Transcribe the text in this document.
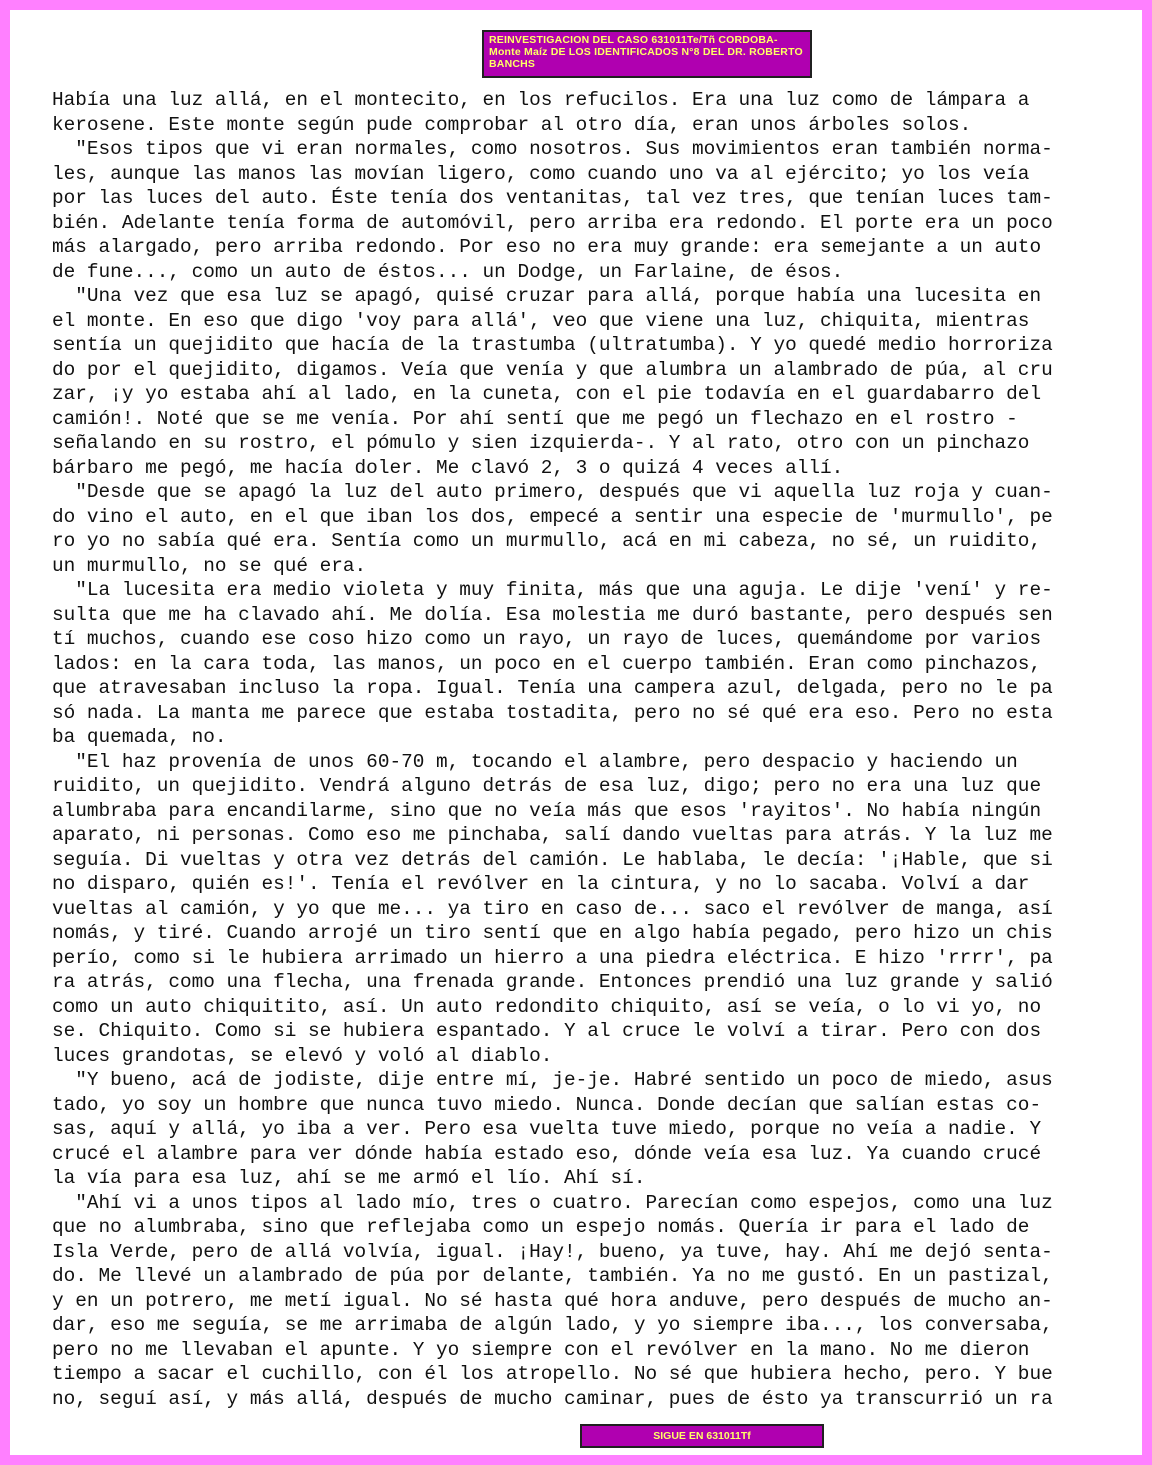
REINVESTIGACION DEL CASO 631011Te/Tñ CORDOBA-
Monte Maíz DE LOS IDENTIFICADOS N°8 DEL DR. ROBERTO
BANCHS
Había una luz allá, en el montecito, en los refucilos. Era una luz como de lámpara a
kerosene. Este monte según pude comprobar al otro día, eran unos árboles solos.
"Esos tipos que vi eran normales, como nosotros. Sus movimientos eran también norma-
les, aunque las manos las movían ligero, como cuando uno va al ejército; yo los veía
por las luces del auto. Éste tenía dos ventanitas, tal vez tres, que tenían luces tam-
bién. Adelante tenía forma de automóvil, pero arriba era redondo. El porte era un poco
más alargado, pero arriba redondo. Por eso no era muy grande: era semejante a un auto
de fune..., como un auto de éstos... un Dodge, un Farlaine, de ésos.
"Una vez que esa luz se apagó, quisé cruzar para allá, porque había una lucesita en
el monte. En eso que digo 'voy para allá', veo que viene una luz, chiquita, mientras
sentía un quejidito que hacía de la trastumba (ultratumba). Y yo quedé medio horroriza
do por el quejidito, digamos. Veía que venía y que alumbra un alambrado de púa, al cru
zar, ¡y yo estaba ahí al lado, en la cuneta, con el pie todavía en el guardabarro del
camión!. Noté que se me venía. Por ahí sentí que me pegó un flechazo en el rostro -
señalando en su rostro, el pómulo y sien izquierda-. Y al rato, otro con un pinchazo
bárbaro me pegó, me hacía doler. Me clavó 2, 3 o quizá 4 veces allí.
"Desde que se apagó la luz del auto primero, después que vi aquella luz roja y cuan-
do vino el auto, en el que iban los dos, empecé a sentir una especie de 'murmullo', pe
ro yo no sabía qué era. Sentía como un murmullo, acá en mi cabeza, no sé, un ruidito,
un murmullo, no se qué era.
"La lucesita era medio violeta y muy finita, más que una aguja. Le dije 'vení' y re-
sulta que me ha clavado ahí. Me dolía. Esa molestia me duró bastante, pero después sen
tí muchos, cuando ese coso hizo como un rayo, un rayo de luces, quemándome por varios
lados: en la cara toda, las manos, un poco en el cuerpo también. Eran como pinchazos,
que atravesaban incluso la ropa. Igual. Tenía una campera azul, delgada, pero no le pa
só nada. La manta me parece que estaba tostadita, pero no sé qué era eso. Pero no esta
ba quemada, no.
"El haz provenía de unos 60-70 m, tocando el alambre, pero despacio y haciendo un
ruidito, un quejidito. Vendrá alguno detrás de esa luz, digo; pero no era una luz que
alumbraba para encandilarme, sino que no veía más que esos 'rayitos'. No había ningún
aparato, ni personas. Como eso me pinchaba, salí dando vueltas para atrás. Y la luz me
seguía. Di vueltas y otra vez detrás del camión. Le hablaba, le decía: '¡Hable, que si
no disparo, quién es!'. Tenía el revólver en la cintura, y no lo sacaba. Volví a dar
vueltas al camión, y yo que me... ya tiro en caso de... saco el revólver de manga, así
nomás, y tiré. Cuando arrojé un tiro sentí que en algo había pegado, pero hizo un chis
perío, como si le hubiera arrimado un hierro a una piedra eléctrica. E hizo 'rrrr', pa
ra atrás, como una flecha, una frenada grande. Entonces prendió una luz grande y salió
como un auto chiquitito, así. Un auto redondito chiquito, así se veía, o lo vi yo, no
se. Chiquito. Como si se hubiera espantado. Y al cruce le volví a tirar. Pero con dos
luces grandotas, se elevó y voló al diablo.
"Y bueno, acá de jodiste, dije entre mí, je-je. Habré sentido un poco de miedo, asus
tado, yo soy un hombre que nunca tuvo miedo. Nunca. Donde decían que salían estas co-
sas, aquí y allá, yo iba a ver. Pero esa vuelta tuve miedo, porque no veía a nadie. Y
crucé el alambre para ver dónde había estado eso, dónde veía esa luz. Ya cuando crucé
la vía para esa luz, ahí se me armó el lío. Ahí sí.
"Ahí vi a unos tipos al lado mío, tres o cuatro. Parecían como espejos, como una luz
que no alumbraba, sino que reflejaba como un espejo nomás. Quería ir para el lado de
Isla Verde, pero de allá volvía, igual. ¡Hay!, bueno, ya tuve, hay. Ahí me dejó senta-
do. Me llevé un alambrado de púa por delante, también. Ya no me gustó. En un pastizal,
y en un potrero, me metí igual. No sé hasta qué hora anduve, pero después de mucho an-
dar, eso me seguía, se me arrimaba de algún lado, y yo siempre iba..., los conversaba,
pero no me llevaban el apunte. Y yo siempre con el revólver en la mano. No me dieron
tiempo a sacar el cuchillo, con él los atropello. No sé que hubiera hecho, pero. Y bue
no, seguí así, y más allá, después de mucho caminar, pues de ésto ya transcurrió un ra
SIGUE EN 631011Tf
